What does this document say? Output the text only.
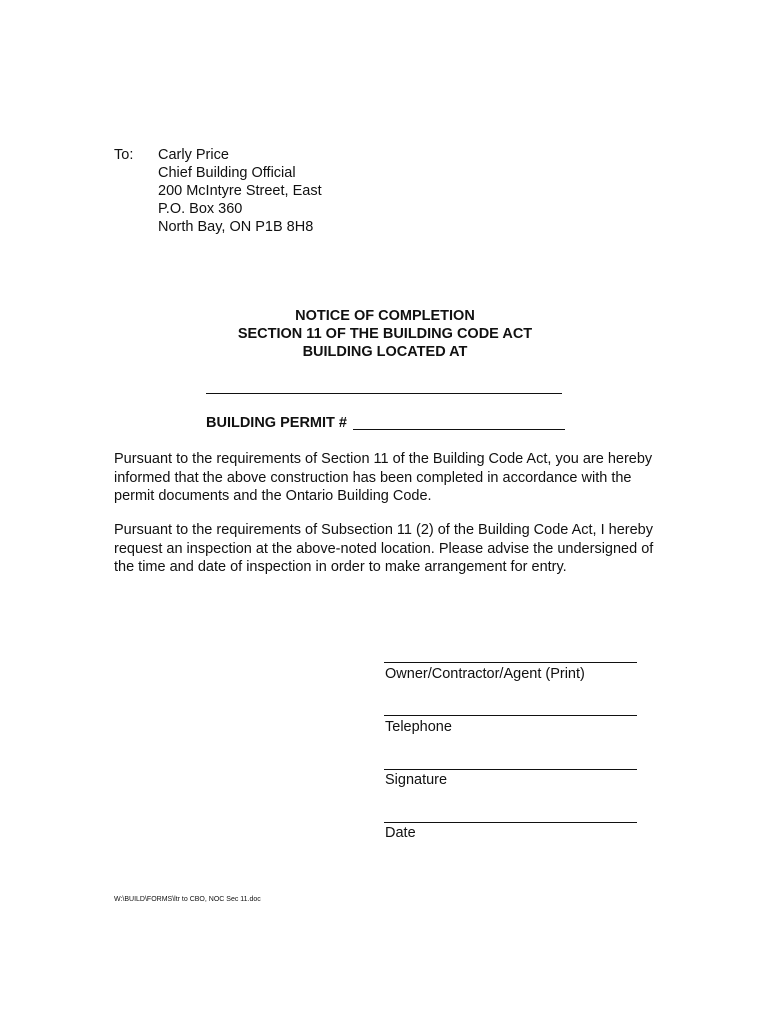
To: Carly Price
Chief Building Official
200 McIntyre Street, East
P.O. Box 360
North Bay, ON P1B 8H8
NOTICE OF COMPLETION
SECTION 11 OF THE BUILDING CODE ACT
BUILDING LOCATED AT
BUILDING PERMIT #
Pursuant to the requirements of Section 11 of the Building Code Act, you are hereby informed that the above construction has been completed in accordance with the permit documents and the Ontario Building Code.
Pursuant to the requirements of Subsection 11 (2) of the Building Code Act, I hereby request an inspection at the above-noted location. Please advise the undersigned of the time and date of inspection in order to make arrangement for entry.
Owner/Contractor/Agent (Print)
Telephone
Signature
Date
W:\BUILD\FORMS\ltr to CBO, NOC Sec 11.doc
